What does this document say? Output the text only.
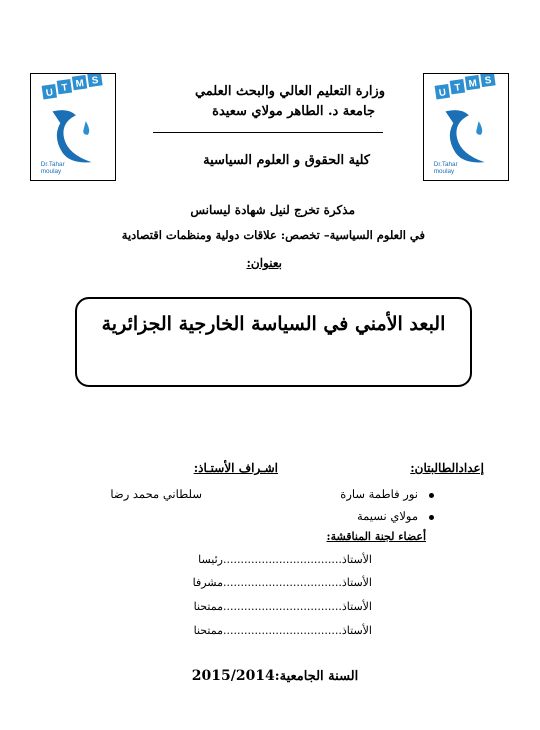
U T M S
Dr.Tahar
moulay
U T M S
Dr.Tahar
moulay
وزارة التعليم العالي والبحث العلمي
جامعة د. الطاهر مولاي سعيدة
كلية الحقوق و العلوم السياسية
مذكرة تخرج لنيل شهادة ليسانس
في العلوم السياسية– تخصص: علاقات دولية ومنظمات اقتصادية
بعنوان:
البعد الأمني في السياسة الخارجية الجزائرية
إعدادالطالبتان:
نور فاطمة سارة
مولاي نسيمة
اشـراف الأستـاذ:
سلطاني محمد رضا
أعضاء لجنة المناقشة:
الأستاذ..................................رئيسا
الأستاذ..................................مشرفا
الأستاذ..................................ممتحنا
الأستاذ..................................ممتحنا
السنة الجامعية:2015/2014
